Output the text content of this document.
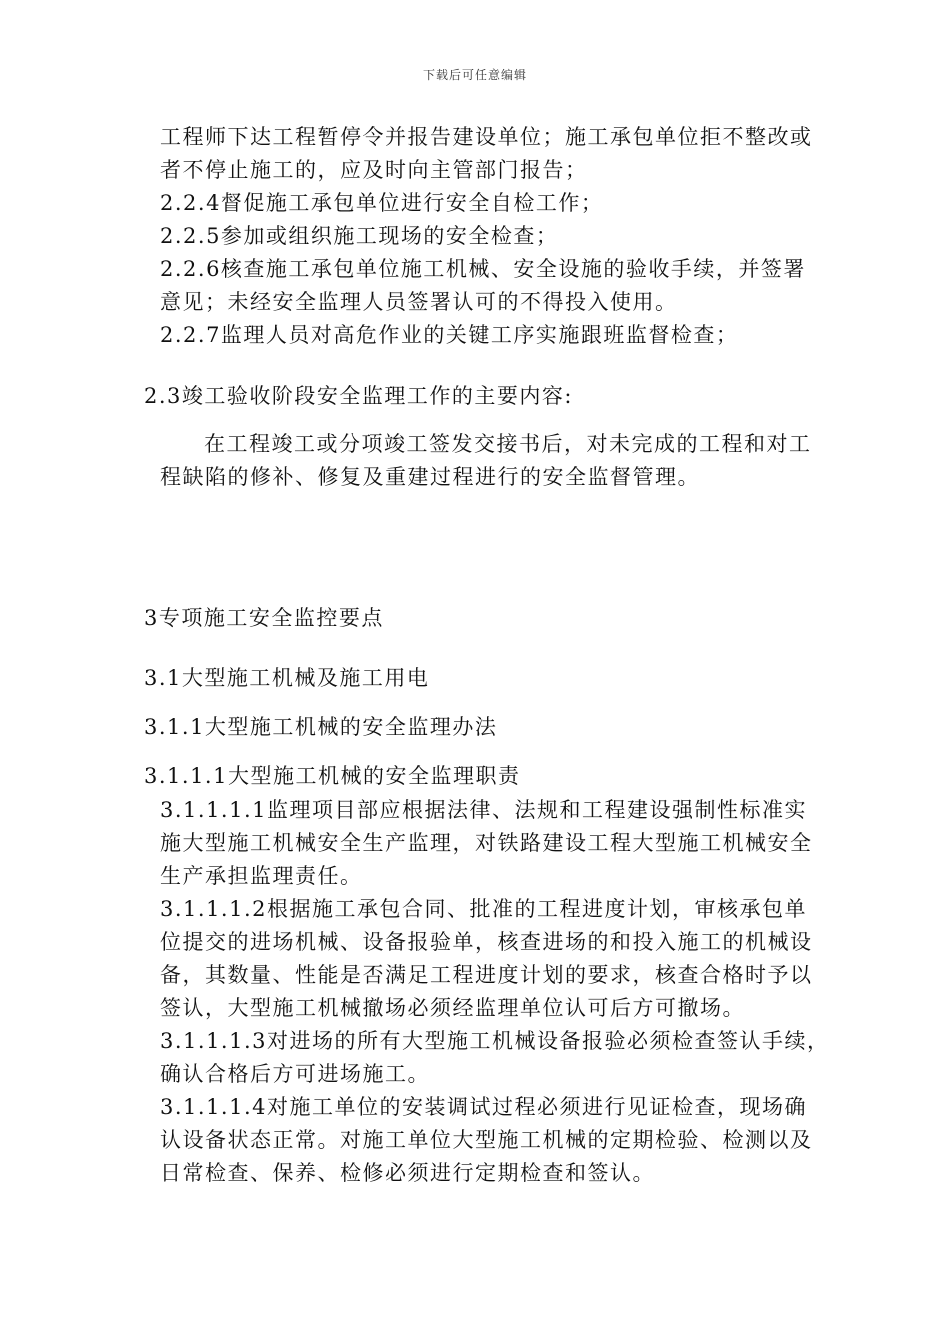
下载后可任意编辑
工程师下达工程暂停令并报告建设单位；施工承包单位拒不整改或
者不停止施工的，应及时向主管部门报告；
2.2.4督促施工承包单位进行安全自检工作；
2.2.5参加或组织施工现场的安全检查；
2.2.6核查施工承包单位施工机械、安全设施的验收手续，并签署
意见；未经安全监理人员签署认可的不得投入使用。
2.2.7监理人员对高危作业的关键工序实施跟班监督检查；
2.3竣工验收阶段安全监理工作的主要内容:
在工程竣工或分项竣工签发交接书后，对未完成的工程和对工
程缺陷的修补、修复及重建过程进行的安全监督管理。
3专项施工安全监控要点
3.1大型施工机械及施工用电
3.1.1大型施工机械的安全监理办法
3.1.1.1大型施工机械的安全监理职责
3.1.1.1.1监理项目部应根据法律、法规和工程建设强制性标准实
施大型施工机械安全生产监理，对铁路建设工程大型施工机械安全
生产承担监理责任。
3.1.1.1.2根据施工承包合同、批准的工程进度计划，审核承包单
位提交的进场机械、设备报验单，核查进场的和投入施工的机械设
备，其数量、性能是否满足工程进度计划的要求，核查合格时予以
签认，大型施工机械撤场必须经监理单位认可后方可撤场。
3.1.1.1.3对进场的所有大型施工机械设备报验必须检查签认手续，
确认合格后方可进场施工。
3.1.1.1.4对施工单位的安装调试过程必须进行见证检查，现场确
认设备状态正常。对施工单位大型施工机械的定期检验、检测以及
日常检查、保养、检修必须进行定期检查和签认。
